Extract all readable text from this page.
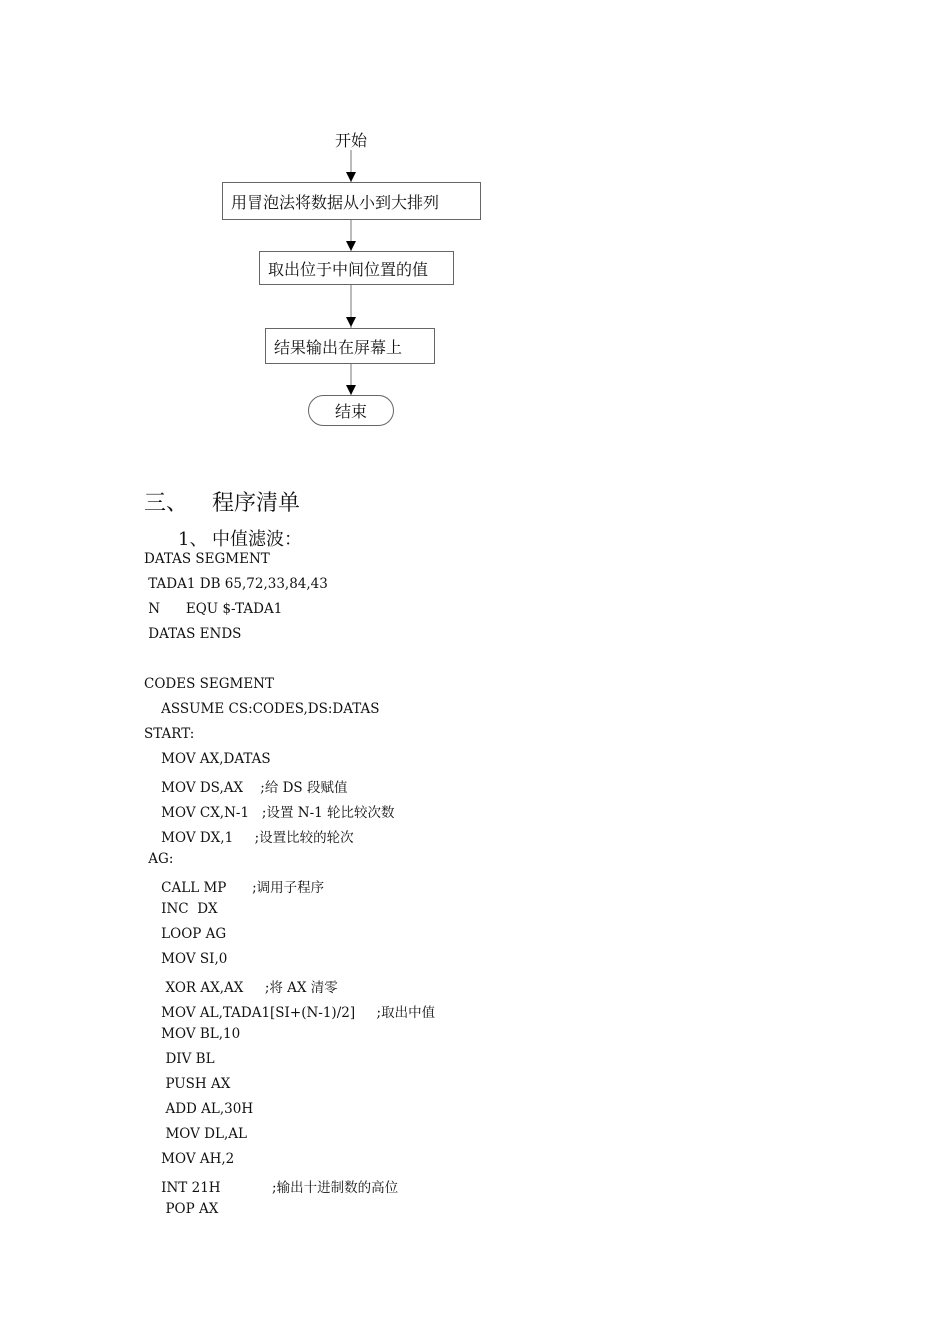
开始
用冒泡法将数据从小到大排列
取出位于中间位置的值
结果输出在屏幕上
结束
三、 程序清单
1、 中值滤波：
DATAS SEGMENT
TADA1 DB 65,72,33,84,43
N      EQU $-TADA1
DATAS ENDS
CODES SEGMENT
ASSUME CS:CODES,DS:DATAS
START:
MOV AX,DATAS
MOV DS,AX    ;给 DS 段赋值
MOV CX,N-1   ;设置 N-1 轮比较次数
MOV DX,1     ;设置比较的轮次
AG:
CALL MP      ;调用子程序
INC  DX
LOOP AG
MOV SI,0
XOR AX,AX     ;将 AX 清零
MOV AL,TADA1[SI+(N-1)/2]     ;取出中值
MOV BL,10
DIV BL
PUSH AX
ADD AL,30H
MOV DL,AL
MOV AH,2
INT 21H            ;输出十进制数的高位
POP AX
